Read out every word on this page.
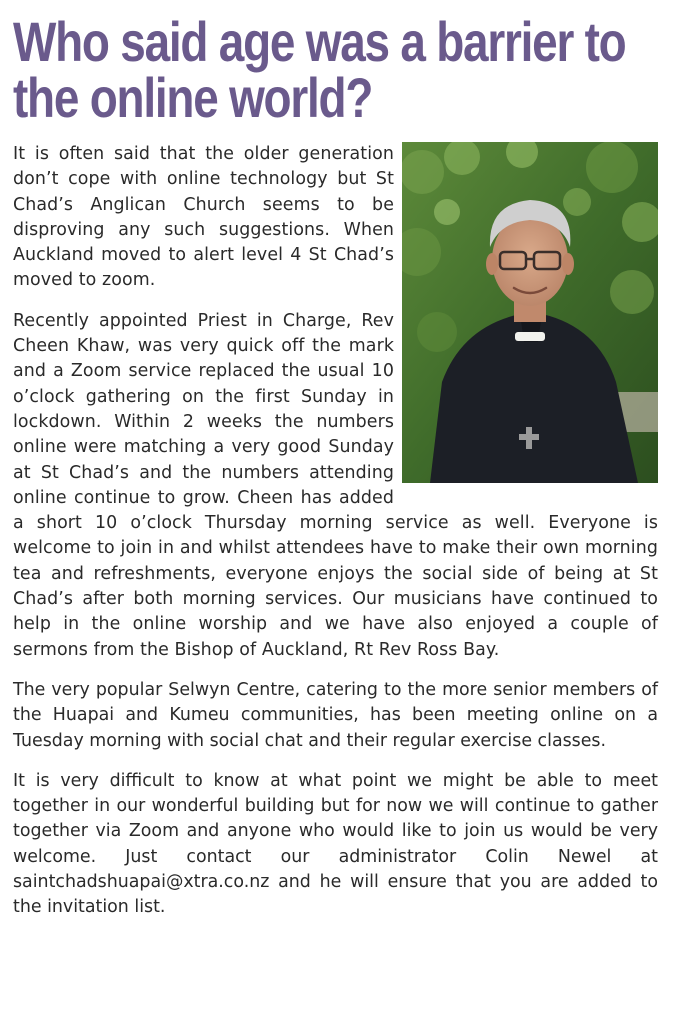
Who said age was a barrier to the online world?

It is often said that the older generation don’t cope with online technology but St Chad’s Anglican Church seems to be disproving any such suggestions. When Auckland moved to alert level 4 St Chad’s moved to zoom.

Recently appointed Priest in Charge, Rev Cheen Khaw, was very quick off the mark and a Zoom service replaced the usual 10 o’clock gathering on the first Sunday in lockdown. Within 2 weeks the numbers online were matching a very good Sunday at St Chad’s and the numbers attending online continue to grow. Cheen has added a short 10 o’clock Thursday morning service as well. Everyone is welcome to join in and whilst attendees have to make their own morning tea and refreshments, everyone enjoys the social side of being at St Chad’s after both morning services. Our musicians have continued to help in the online worship and we have also enjoyed a couple of sermons from the Bishop of Auckland, Rt Rev Ross Bay.

The very popular Selwyn Centre, catering to the more senior members of the Huapai and Kumeu communities, has been meeting online on a Tuesday morning with social chat and their regular exercise classes.

It is very difficult to know at what point we might be able to meet together in our wonderful building but for now we will continue to gather together via Zoom and anyone who would like to join us would be very welcome. Just contact our administrator Colin Newel at saintchadshuapai@xtra.co.nz and he will ensure that you are added to the invitation list.
